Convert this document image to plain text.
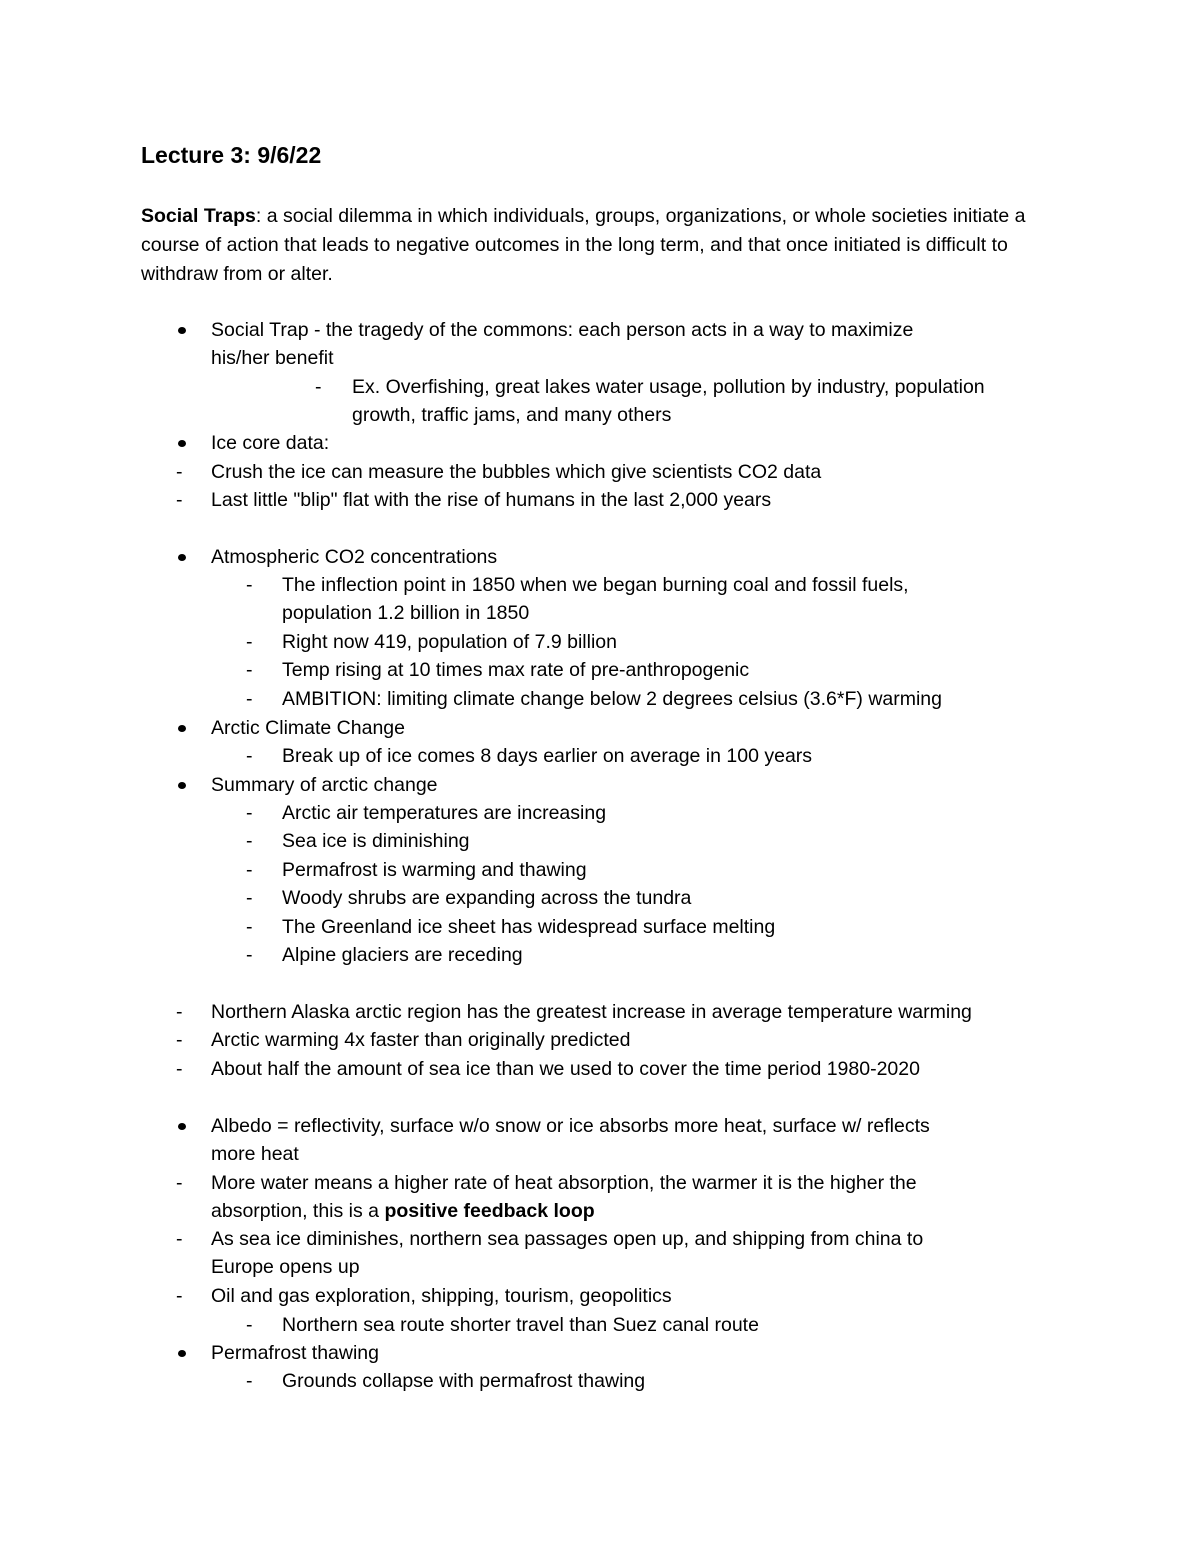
Lecture 3: 9/6/22
Social Traps: a social dilemma in which individuals, groups, organizations, or whole societies initiate a course of action that leads to negative outcomes in the long term, and that once initiated is difficult to withdraw from or alter.
Social Trap - the tragedy of the commons: each person acts in a way to maximize
his/her benefit
- Ex. Overfishing, great lakes water usage, pollution by industry, population
growth, traffic jams, and many others
Ice core data:
- Crush the ice can measure the bubbles which give scientists CO2 data
- Last little "blip" flat with the rise of humans in the last 2,000 years
Atmospheric CO2 concentrations
- The inflection point in 1850 when we began burning coal and fossil fuels,
population 1.2 billion in 1850
- Right now 419, population of 7.9 billion
- Temp rising at 10 times max rate of pre-anthropogenic
- AMBITION: limiting climate change below 2 degrees celsius (3.6*F) warming
Arctic Climate Change
- Break up of ice comes 8 days earlier on average in 100 years
Summary of arctic change
- Arctic air temperatures are increasing
- Sea ice is diminishing
- Permafrost is warming and thawing
- Woody shrubs are expanding across the tundra
- The Greenland ice sheet has widespread surface melting
- Alpine glaciers are receding
- Northern Alaska arctic region has the greatest increase in average temperature warming
- Arctic warming 4x faster than originally predicted
- About half the amount of sea ice than we used to cover the time period 1980-2020
Albedo = reflectivity, surface w/o snow or ice absorbs more heat, surface w/ reflects
more heat
- More water means a higher rate of heat absorption, the warmer it is the higher the
absorption, this is a positive feedback loop
- As sea ice diminishes, northern sea passages open up, and shipping from china to
Europe opens up
- Oil and gas exploration, shipping, tourism, geopolitics
- Northern sea route shorter travel than Suez canal route
Permafrost thawing
- Grounds collapse with permafrost thawing
